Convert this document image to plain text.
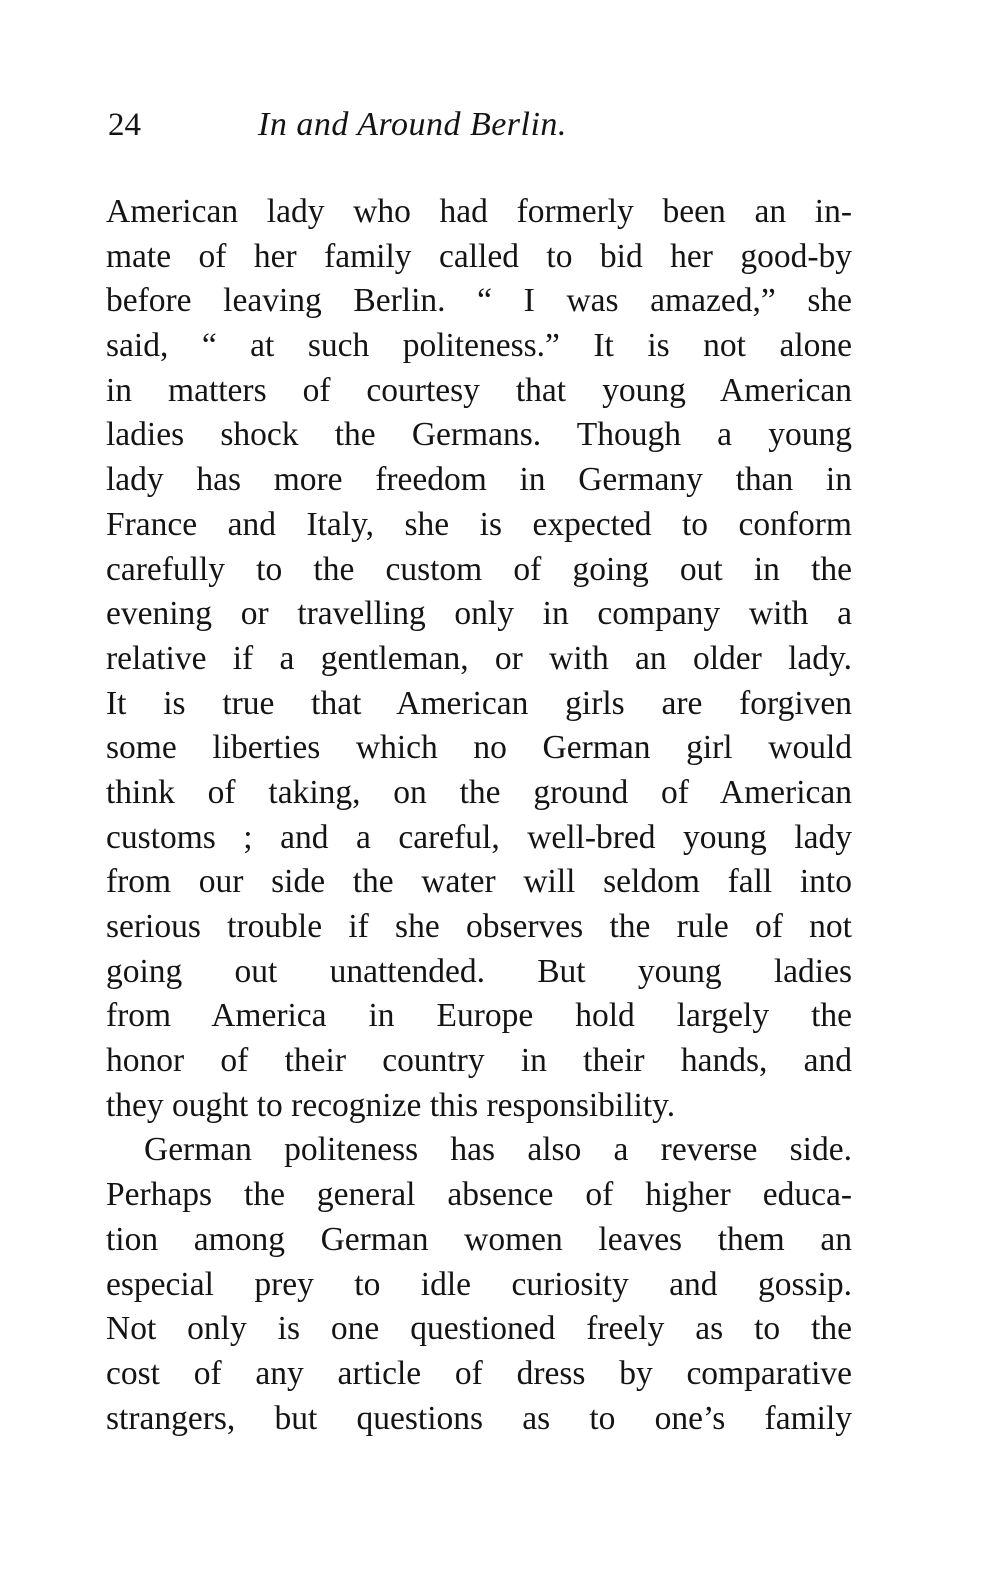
24	In and Around Berlin.
American lady who had formerly been an in-
mate of her family called to bid her good-by
before leaving Berlin. “ I was amazed,” she
said, “ at such politeness.” It is not alone
in matters of courtesy that young American
ladies shock the Germans. Though a young
lady has more freedom in Germany than in
France and Italy, she is expected to conform
carefully to the custom of going out in the
evening or travelling only in company with a
relative if a gentleman, or with an older lady.
It is true that American girls are forgiven
some liberties which no German girl would
think of taking, on the ground of American
customs ; and a careful, well-bred young lady
from our side the water will seldom fall into
serious trouble if she observes the rule of not
going out unattended. But young ladies
from America in Europe hold largely the
honor of their country in their hands, and
they ought to recognize this responsibility.
German politeness has also a reverse side.
Perhaps the general absence of higher educa-
tion among German women leaves them an
especial prey to idle curiosity and gossip.
Not only is one questioned freely as to the
cost of any article of dress by comparative
strangers, but questions as to one’s family
